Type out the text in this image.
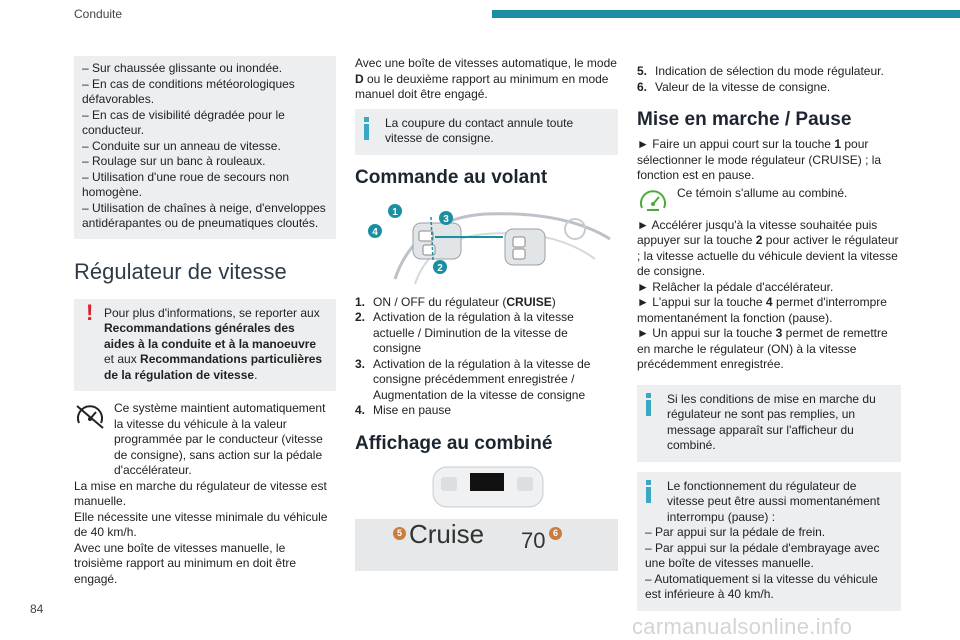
Conduite
– Sur chaussée glissante ou inondée.
– En cas de conditions météorologiques défavorables.
– En cas de visibilité dégradée pour le conducteur.
– Conduite sur un anneau de vitesse.
– Roulage sur un banc à rouleaux.
– Utilisation d'une roue de secours non homogène.
– Utilisation de chaînes à neige, d'enveloppes antidérapantes ou de pneumatiques cloutés.
Régulateur de vitesse
! Pour plus d'informations, se reporter aux Recommandations générales des aides à la conduite et à la manoeuvre et aux Recommandations particulières de la régulation de vitesse.
Ce système maintient automatiquement la vitesse du véhicule à la valeur programmée par le conducteur (vitesse de consigne), sans action sur la pédale d'accélérateur.
La mise en marche du régulateur de vitesse est manuelle.
Elle nécessite une vitesse minimale du véhicule de 40 km/h.
Avec une boîte de vitesses manuelle, le troisième rapport au minimum en doit être engagé.
Avec une boîte de vitesses automatique, le mode D ou le deuxième rapport au minimum en mode manuel doit être engagé.
La coupure du contact annule toute vitesse de consigne.
Commande au volant
1
3
4
2
1. ON / OFF du régulateur (CRUISE)
2. Activation de la régulation à la vitesse actuelle / Diminution de la vitesse de consigne
3. Activation de la régulation à la vitesse de consigne précédemment enregistrée / Augmentation de la vitesse de consigne
4. Mise en pause
Affichage au combiné
5 Cruise 70 6
5. Indication de sélection du mode régulateur.
6. Valeur de la vitesse de consigne.
Mise en marche / Pause
► Faire un appui court sur la touche 1 pour sélectionner le mode régulateur (CRUISE) ; la fonction est en pause.
Ce témoin s'allume au combiné.
► Accélérer jusqu'à la vitesse souhaitée puis appuyer sur la touche 2 pour activer le régulateur ; la vitesse actuelle du véhicule devient la vitesse de consigne.
► Relâcher la pédale d'accélérateur.
► L'appui sur la touche 4 permet d'interrompre momentanément la fonction (pause).
► Un appui sur la touche 3 permet de remettre en marche le régulateur (ON) à la vitesse précédemment enregistrée.
Si les conditions de mise en marche du régulateur ne sont pas remplies, un message apparaît sur l'afficheur du combiné.
Le fonctionnement du régulateur de vitesse peut être aussi momentanément interrompu (pause) :
– Par appui sur la pédale de frein.
– Par appui sur la pédale d'embrayage avec une boîte de vitesses manuelle.
– Automatiquement si la vitesse du véhicule est inférieure à 40 km/h.
84
carmanualsonline.info
